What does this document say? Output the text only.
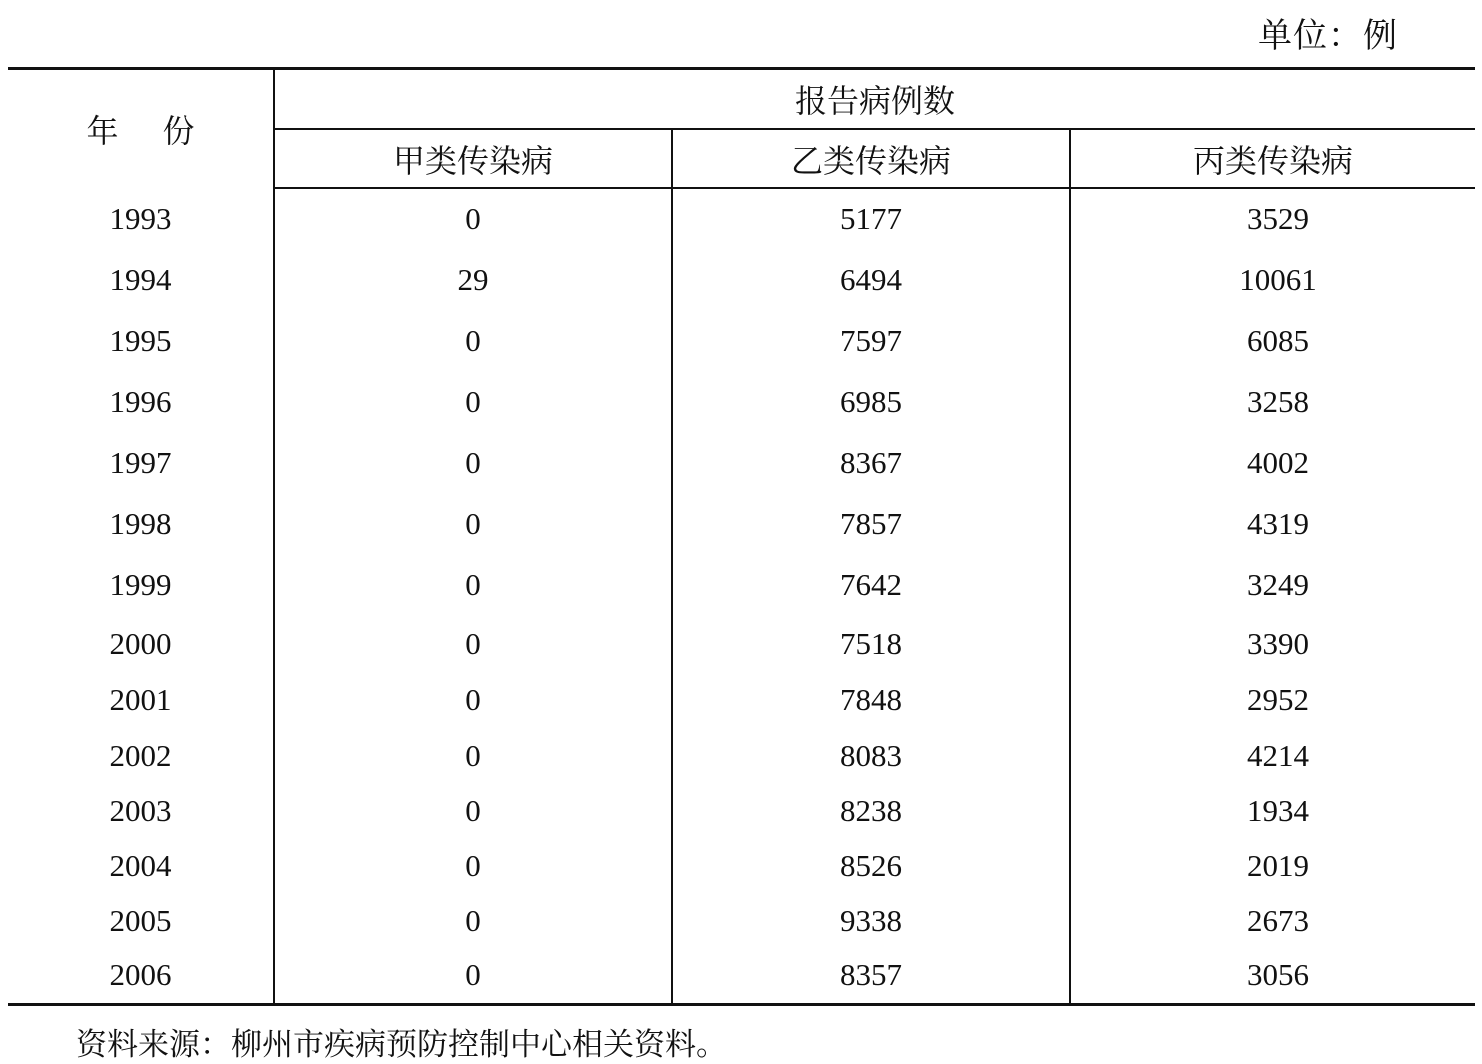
单位：例
年份	报告病例数		
	甲类传染病	乙类传染病	丙类传染病
1993	0	5177	3529
1994	29	6494	10061
1995	0	7597	6085
1996	0	6985	3258
1997	0	8367	4002
1998	0	7857	4319
1999	0	7642	3249
2000	0	7518	3390
2001	0	7848	2952
2002	0	8083	4214
2003	0	8238	1934
2004	0	8526	2019
2005	0	9338	2673
2006	0	8357	3056
资料来源：柳州市疾病预防控制中心相关资料。
